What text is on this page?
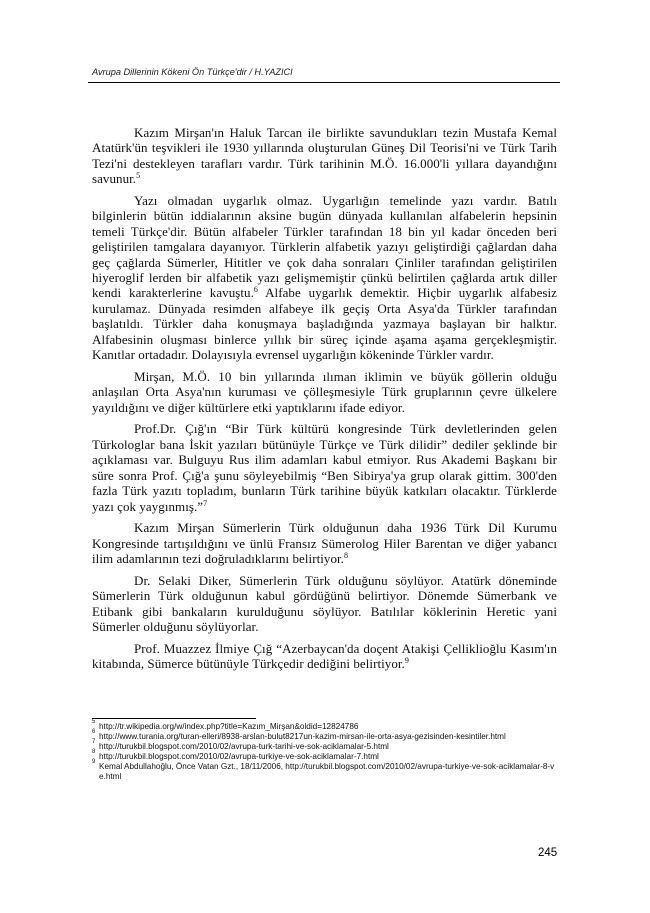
Avrupa Dillerinin Kökeni Ön Türkçe'dir / H.YAZICI

Kazım Mirşan'ın Haluk Tarcan ile birlikte savundukları tezin Mustafa Kemal Atatürk'ün teşvikleri ile 1930 yıllarında oluşturulan Güneş Dil Teorisi'ni ve Türk Tarih Tezi'ni destekleyen tarafları vardır. Türk tarihinin M.Ö. 16.000'li yıllara dayandığını savunur.$^5$

Yazı olmadan uygarlık olmaz. Uygarlığın temelinde yazı vardır. Batılı bilginlerin bütün iddialarının aksine bugün dünyada kullanılan alfabelerin hepsinin temeli Türkçe'dir. Bütün alfabeler Türkler tarafından 18 bin yıl kadar önceden beri geliştirilen tamgalara dayanıyor. Türklerin alfabetik yazıyı geliştirdiği çağlardan daha geç çağlarda Sümerler, Hititler ve çok daha sonraları Çinliler tarafından geliştirilen hiyeroglif lerden bir alfabetik yazı gelişmemiştir çünkü belirtilen çağlarda artık diller kendi karakterlerine kavuştu.$^6$ Alfabe uygarlık demektir. Hiçbir uygarlık alfabesiz kurulamaz. Dünyada resimden alfabeye ilk geçiş Orta Asya'da Türkler tarafından başlatıldı. Türkler daha konuşmaya başladığında yazmaya başlayan bir halktır. Alfabesinin oluşması binlerce yıllık bir süreç içinde aşama aşama gerçekleşmiştir. Kanıtlar ortadadır. Dolayısıyla evrensel uygarlığın kökeninde Türkler vardır.

Mirşan, M.Ö. 10 bin yıllarında ılıman iklimin ve büyük göllerin olduğu anlaşılan Orta Asya'nın kuruması ve çölleşmesiyle Türk gruplarının çevre ülkelere yayıldığını ve diğer kültürlere etki yaptıklarını ifade ediyor.

Prof.Dr. Çığ'ın “Bir Türk kültürü kongresinde Türk devletlerinden gelen Türkologlar bana İskit yazıları bütünüyle Türkçe ve Türk dilidir” dediler şeklinde bir açıklaması var. Bulguyu Rus ilim adamları kabul etmiyor. Rus Akademi Başkanı bir süre sonra Prof. Çığ'a şunu söyleyebilmiş “Ben Sibirya'ya grup olarak gittim. 300'den fazla Türk yazıtı topladım, bunların Türk tarihine büyük katkıları olacaktır. Türklerde yazı çok yaygınmış.”$^7$

Kazım Mirşan Sümerlerin Türk olduğunun daha 1936 Türk Dil Kurumu Kongresinde tartışıldığını ve ünlü Fransız Sümerolog Hiler Barentan ve diğer yabancı ilim adamlarının tezi doğruladıklarını belirtiyor.$^8$

Dr. Selaki Diker, Sümerlerin Türk olduğunu söylüyor. Atatürk döneminde Sümerlerin Türk olduğunun kabul gördüğünü belirtiyor. Dönemde Sümerbank ve Etibank gibi bankaların kurulduğunu söylüyor. Batılılar köklerinin Heretic yani Sümerler olduğunu söylüyorlar.

Prof. Muazzez İlmiye Çığ “Azerbaycan'da doçent Atakişi Çelliklioğlu Kasım'ın kitabında, Sümerce bütünüyle Türkçedir dediğini belirtiyor.$^9$

5 http://tr.wikipedia.org/w/index.php?title=Kazım_Mirşan&oldid=12824786
6 http://www.turania.org/turan-elleri/8938-arslan-bulut8217un-kazim-mirsan-ile-orta-asya-gezisinden-kesintiler.html
7 http://turukbil.blogspot.com/2010/02/avrupa-turk-tarihi-ve-sok-aciklamalar-5.html
8 http://turukbil.blogspot.com/2010/02/avrupa-turkiye-ve-sok-aciklamalar-7.html
9 Kemal Abdullahoğlu, Önce Vatan Gzt., 18/11/2006, http://turukbil.blogspot.com/2010/02/avrupa-turkiye-ve-sok-aciklamalar-8-ve.html
245
